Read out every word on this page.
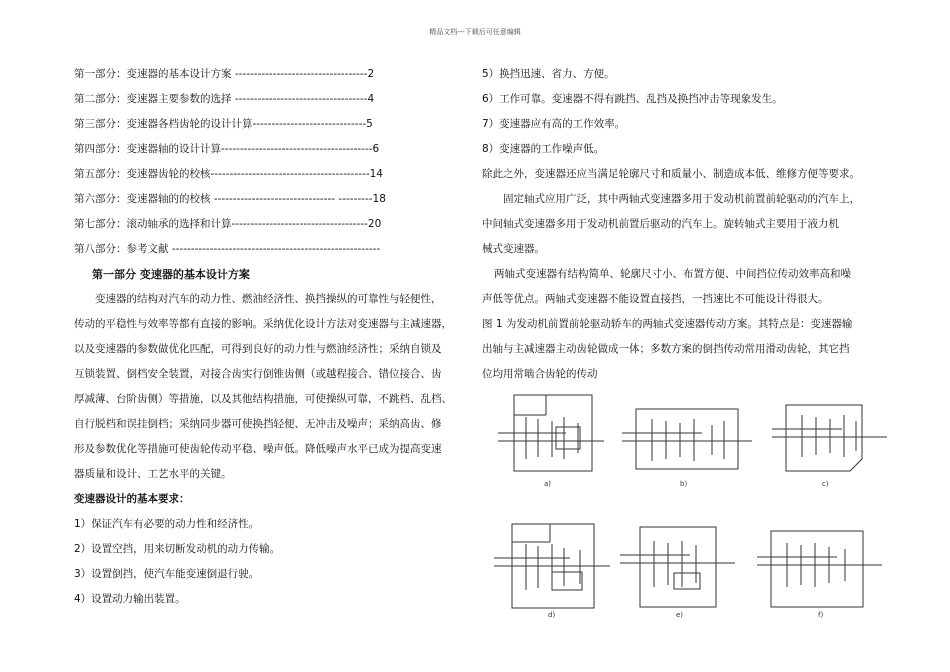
精品文档---下载后可任意编辑
第一部分：变速器的基本设计方案 -----------------------------------2
第二部分：变速器主要参数的选择 -----------------------------------4
第三部分：变速器各档齿轮的设计计算------------------------------5
第四部分：变速器轴的设计计算----------------------------------------6
第五部分：变速器齿轮的校核------------------------------------------14
第六部分：变速器轴的的校核 -------------------------------- ---------18
第七部分：滚动轴承的选择和计算------------------------------------20
第八部分：参考文献 -------------------------------------------------------
第一部分 变速器的基本设计方案
变速器的结构对汽车的动力性、燃油经济性、换挡操纵的可靠性与轻便性，
传动的平稳性与效率等都有直接的影响。采纳优化设计方法对变速器与主减速器，
以及变速器的参数做优化匹配，可得到良好的动力性与燃油经济性；采纳自锁及
互锁装置、倒档安全装置，对接合齿实行倒锥齿侧（或越程接合、错位接合、齿
厚减薄、台阶齿侧）等措施，以及其他结构措施，可使操纵可靠，不跳档、乱档、
自行脱档和误挂倒档；采纳同步器可使换挡轻便、无冲击及噪声；采纳高齿、修
形及参数优化等措施可使齿轮传动平稳、噪声低。降低噪声水平已成为提高变速
器质量和设计、工艺水平的关键。
变速器设计的基本要求：
1）保证汽车有必要的动力性和经济性。
2）设置空挡，用来切断发动机的动力传输。
3）设置倒挡，使汽车能变速倒退行驶。
4）设置动力输出装置。
5）换挡迅速、省力、方便。
6）工作可靠。变速器不得有跳挡、乱挡及换挡冲击等现象发生。
7）变速器应有高的工作效率。
8）变速器的工作噪声低。
除此之外，变速器还应当满足轮廓尺寸和质量小、制造成本低、维修方便等要求。
固定轴式应用广泛，其中两轴式变速器多用于发动机前置前轮驱动的汽车上，
中间轴式变速器多用于发动机前置后驱动的汽车上。旋转轴式主要用于液力机
械式变速器。
两轴式变速器有结构简单、轮廓尺寸小、布置方便、中间挡位传动效率高和噪
声低等优点。两轴式变速器不能设置直接挡，一挡速比不可能设计得很大。
图 1 为发动机前置前轮驱动轿车的两轴式变速器传动方案。其特点是：变速器输
出轴与主减速器主动齿轮做成一体；多数方案的倒挡传动常用滑动齿轮，其它挡
位均用常啮合齿轮的传动
a)	b)	c)
d)	e)	f)
